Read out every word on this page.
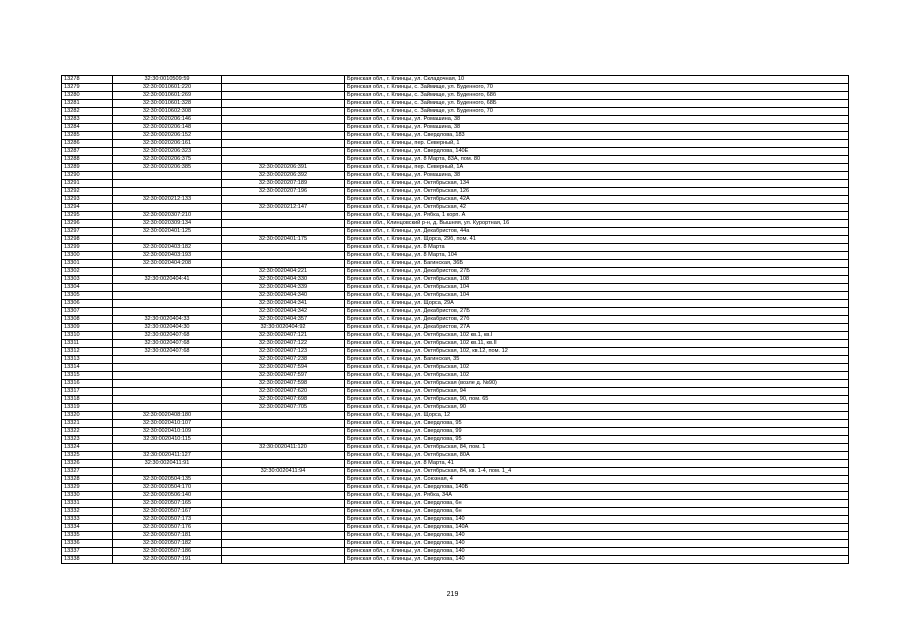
13278	32:30:0010509:59		Брянская обл., г. Клинцы, ул. Складочная, 10
13279	32:30:0010601:220		Брянская обл., г. Клинцы, с. Займище, ул. Буденного, 70
13280	32:30:0010601:269		Брянская обл., г. Клинцы, с. Займище, ул. Буденного, 68б
13281	32:30:0010601:328		Брянская обл., г. Клинцы, с. Займище, ул. Буденного, 68Б
13282	32:30:0010602:308		Брянская обл., г. Клинцы, с. Займище, ул. Буденного, 70
13283	32:30:0020206:146		Брянская обл., г. Клинцы, ул. Ромашина, 38
13284	32:30:0020206:148		Брянская обл., г. Клинцы, ул. Ромашина, 38
13285	32:30:0020206:152		Брянская обл., г. Клинцы, ул. Свердлова, 183
13286	32:30:0020206:161		Брянская обл., г. Клинцы, пер. Северный, 1
13287	32:30:0020206:323		Брянская обл., г. Клинцы, ул. Свердлова, 140Е
13288	32:30:0020206:375		Брянская обл., г. Клинцы, ул. 8 Марта, 83А, пом. 80
13289	32:30:0020206:385	32:30:0020206:391	Брянская обл., г. Клинцы, пер. Северный, 1А
13290		32:30:0020206:392	Брянская обл., г. Клинцы, ул. Ромашина, 38
13291		32:30:0020207:189	Брянская обл., г. Клинцы, ул. Октябрьская, 134
13292		32:30:0020207:196	Брянская обл., г. Клинцы, ул. Октябрьская, 126
13293	32:30:0020212:133		Брянская обл., г. Клинцы, ул. Октябрьская, 42А
13294		32:30:0020212:147	Брянская обл., г. Клинцы, ул. Октябрьская, 42
13295	32:30:0020307:210		Брянская обл., г. Клинцы, ул. Рябка, 1 корп. А
13296	32:30:0020309:134		Брянская обл., Клинцовский р-н, д. Вышняя, ул. Курортная, 16
13297	32:30:0020401:125		Брянская обл., г. Клинцы, ул. Декабристов, 44а
13298		32:30:0020401:175	Брянская обл., г. Клинцы, ул. Щорса, 29б, пом. 41
13299	32:30:0020403:182		Брянская обл., г. Клинцы, ул. 8 Марта
13300	32:30:0020403:193		Брянская обл., г. Клинцы, ул. 8 Марта, 104
13301	32:30:0020404:208		Брянская обл., г. Клинцы, ул. Багинская, 36Б
13302		32:30:0020404:221	Брянская обл., г. Клинцы, ул. Декабристов, 27Б
13303	32:30:0020404:41	32:30:0020404:330	Брянская обл., г. Клинцы, ул. Октябрьская, 108
13304		32:30:0020404:339	Брянская обл., г. Клинцы, ул. Октябрьская, 104
13305		32:30:0020404:340	Брянская обл., г. Клинцы, ул. Октябрьская, 104
13306		32:30:0020404:341	Брянская обл., г. Клинцы, ул. Щорса, 29А
13307		32:30:0020404:342	Брянская обл., г. Клинцы, ул. Декабристов, 27Б
13308	32:30:0020404:33	32:30:0020404:357	Брянская обл., г. Клинцы, ул. Декабристов, 27б
13309	32:30:0020404:30	32:30:0020404:92	Брянская обл., г. Клинцы, ул. Декабристов, 27А
13310	32:30:0020407:68	32:30:0020407:121	Брянская обл., г. Клинцы, ул. Октябрьская, 102 кв.1, кв.I
13311	32:30:0020407:68	32:30:0020407:122	Брянская обл., г. Клинцы, ул. Октябрьская, 102 кв.11, кв.II
13312	32:30:0020407:68	32:30:0020407:123	Брянская обл., г. Клинцы, ул. Октябрьская, 102, кв.12, пом. 12
13313		32:30:0020407:238	Брянская обл., г. Клинцы, ул. Багинская, 35
13314		32:30:0020407:594	Брянская обл., г. Клинцы, ул. Октябрьская, 102
13315		32:30:0020407:597	Брянская обл., г. Клинцы, ул. Октябрьская, 102
13316		32:30:0020407:598	Брянская обл., г. Клинцы, ул. Октябрьская (возле д. №90)
13317		32:30:0020407:620	Брянская обл., г. Клинцы, ул. Октябрьская, 94
13318		32:30:0020407:698	Брянская обл., г. Клинцы, ул. Октябрьская, 90, пом. 65
13319		32:30:0020407:705	Брянская обл., г. Клинцы, ул. Октябрьская, 90
13320	32:30:0020408:180		Брянская обл., г. Клинцы, ул. Щорса, 12
13321	32:30:0020410:107		Брянская обл., г. Клинцы, ул. Свердлова, 95
13322	32:30:0020410:109		Брянская обл., г. Клинцы, ул. Свердлова, 99
13323	32:30:0020410:115		Брянская обл., г. Клинцы, ул. Свердлова, 95
13324		32:30:0020411:120	Брянская обл., г. Клинцы, ул. Октябрьская, 84, пом. 1
13325	32:30:0020411:127		Брянская обл., г. Клинцы, ул. Октябрьская, 80А
13326	32:30:0020411:91		Брянская обл., г. Клинцы, ул. 8 Марта, 41
13327		32:30:0020411:94	Брянская обл., г. Клинцы, ул. Октябрьская, 84, кв. 1-4, пом. 1_4
13328	32:30:0020504:135		Брянская обл., г. Клинцы, ул. Союзная, 4
13329	32:30:0020504:170		Брянская обл., г. Клинцы, ул. Свердлова, 140Б
13330	32:30:0020506:140		Брянская обл., г. Клинцы, ул. Рябка, 34А
13331	32:30:0020507:165		Брянская обл., г. Клинцы, ул. Свердлова, 6н
13332	32:30:0020507:167		Брянская обл., г. Клинцы, ул. Свердлова, 6н
13333	32:30:0020507:173		Брянская обл., г. Клинцы, ул. Свердлова, 140
13334	32:30:0020507:176		Брянская обл., г. Клинцы, ул. Свердлова, 140А
13335	32:30:0020507:181		Брянская обл., г. Клинцы, ул. Свердлова, 140
13336	32:30:0020507:182		Брянская обл., г. Клинцы, ул. Свердлова, 140
13337	32:30:0020507:186		Брянская обл., г. Клинцы, ул. Свердлова, 140
13338	32:30:0020507:191		Брянская обл., г. Клинцы, ул. Свердлова, 140
219
